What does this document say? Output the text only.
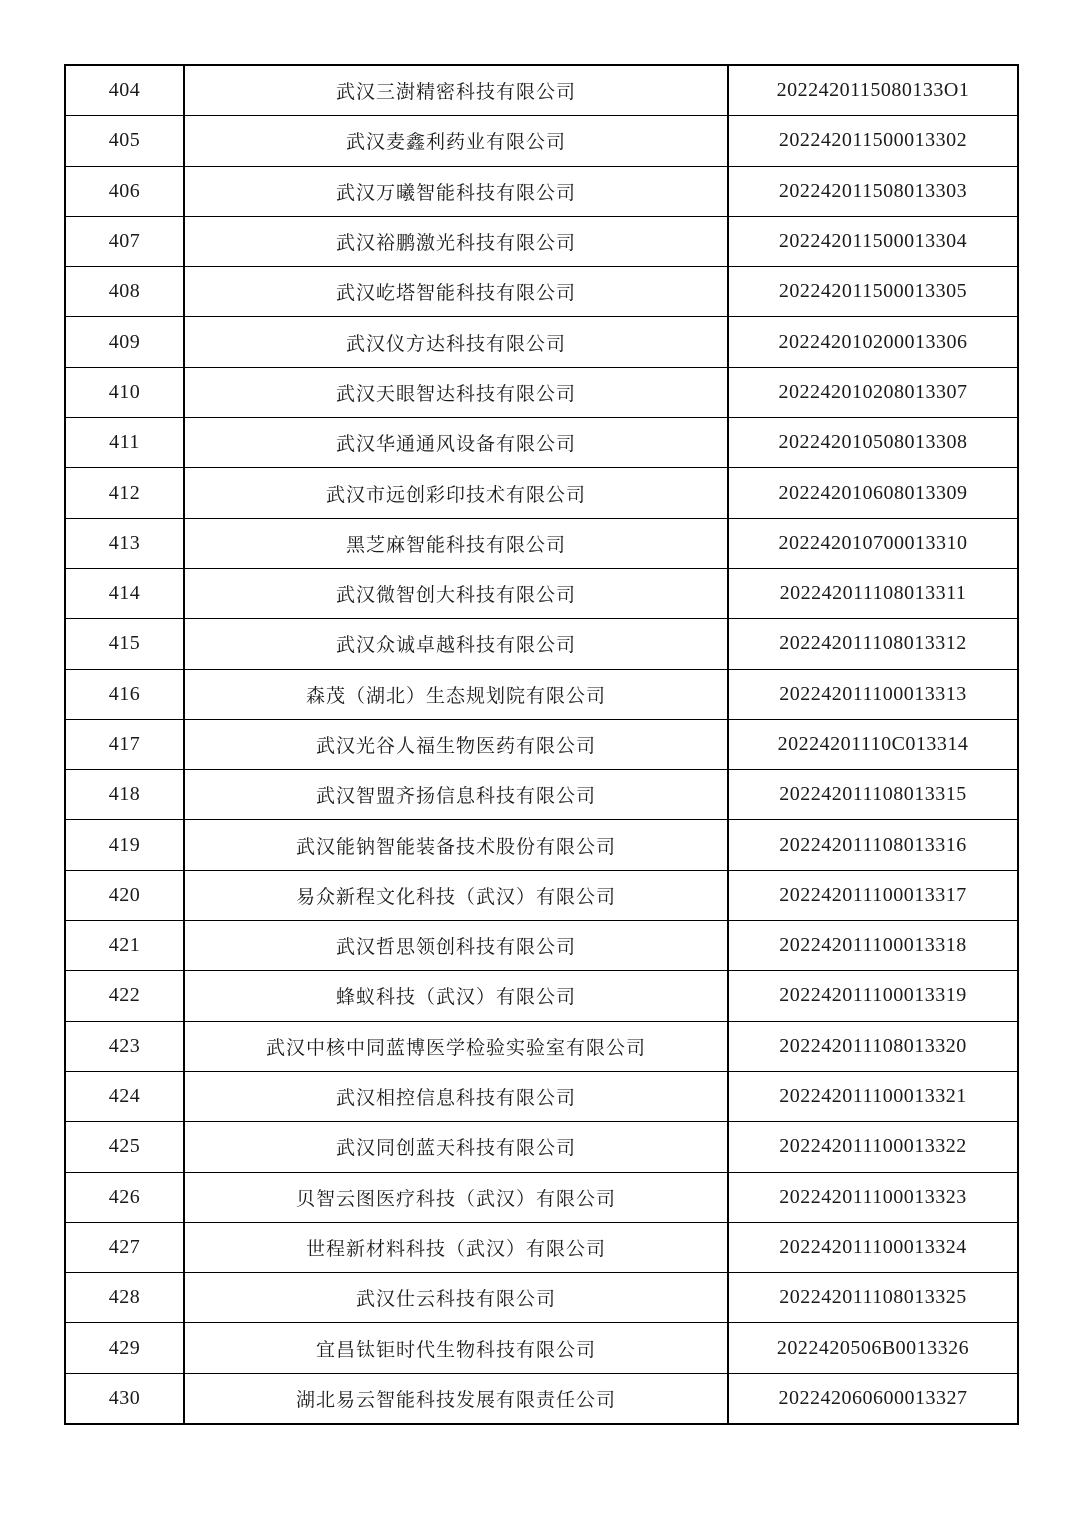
404	武汉三澍精密科技有限公司	2022420115080133O1
405	武汉麦鑫利药业有限公司	202242011500013302
406	武汉万曦智能科技有限公司	202242011508013303
407	武汉裕鹏激光科技有限公司	202242011500013304
408	武汉屹塔智能科技有限公司	202242011500013305
409	武汉仪方达科技有限公司	202242010200013306
410	武汉天眼智达科技有限公司	202242010208013307
411	武汉华通通风设备有限公司	202242010508013308
412	武汉市远创彩印技术有限公司	202242010608013309
413	黑芝麻智能科技有限公司	202242010700013310
414	武汉微智创大科技有限公司	202242011108013311
415	武汉众诚卓越科技有限公司	202242011108013312
416	森茂（湖北）生态规划院有限公司	202242011100013313
417	武汉光谷人福生物医药有限公司	20224201110C013314
418	武汉智盟齐扬信息科技有限公司	202242011108013315
419	武汉能钠智能装备技术股份有限公司	202242011108013316
420	易众新程文化科技（武汉）有限公司	202242011100013317
421	武汉哲思领创科技有限公司	202242011100013318
422	蜂蚁科技（武汉）有限公司	202242011100013319
423	武汉中核中同蓝博医学检验实验室有限公司	202242011108013320
424	武汉相控信息科技有限公司	202242011100013321
425	武汉同创蓝天科技有限公司	202242011100013322
426	贝智云图医疗科技（武汉）有限公司	202242011100013323
427	世程新材料科技（武汉）有限公司	202242011100013324
428	武汉仕云科技有限公司	202242011108013325
429	宜昌钛钜时代生物科技有限公司	2022420506B0013326
430	湖北易云智能科技发展有限责任公司	202242060600013327
